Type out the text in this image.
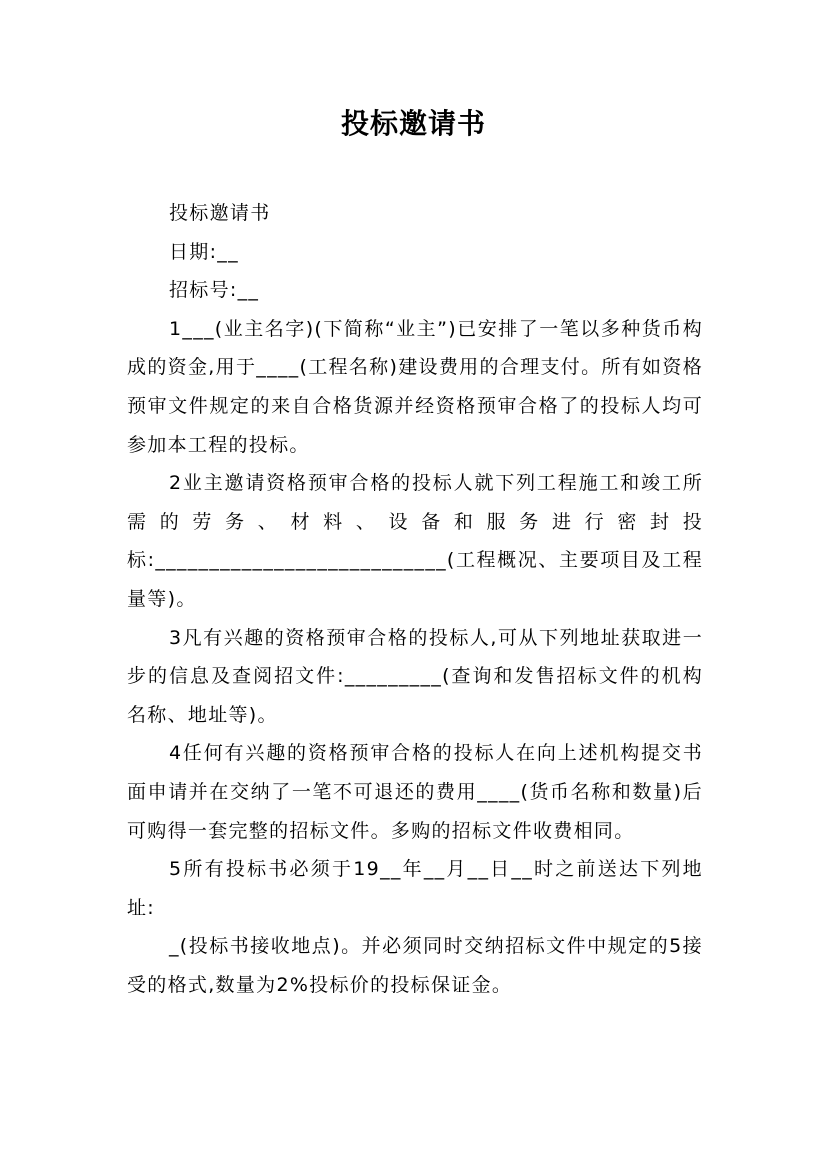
投标邀请书

投标邀请书

日期:__

招标号:__

1___(业主名字)(下简称“业主”)已安排了一笔以多种货币构成的资金,用于____(工程名称)建设费用的合理支付。所有如资格预审文件规定的来自合格货源并经资格预审合格了的投标人均可参加本工程的投标。

2业主邀请资格预审合格的投标人就下列工程施工和竣工所需的劳务、材料、设备和服务进行密封投标:___________________________(工程概况、主要项目及工程量等)。

3凡有兴趣的资格预审合格的投标人,可从下列地址获取进一步的信息及查阅招文件:_________(查询和发售招标文件的机构名称、地址等)。

4任何有兴趣的资格预审合格的投标人在向上述机构提交书面申请并在交纳了一笔不可退还的费用____(货币名称和数量)后可购得一套完整的招标文件。多购的招标文件收费相同。

5所有投标书必须于19__年__月__日__时之前送达下列地址:

_(投标书接收地点)。并必须同时交纳招标文件中规定的5接受的格式,数量为2%投标价的投标保证金。
